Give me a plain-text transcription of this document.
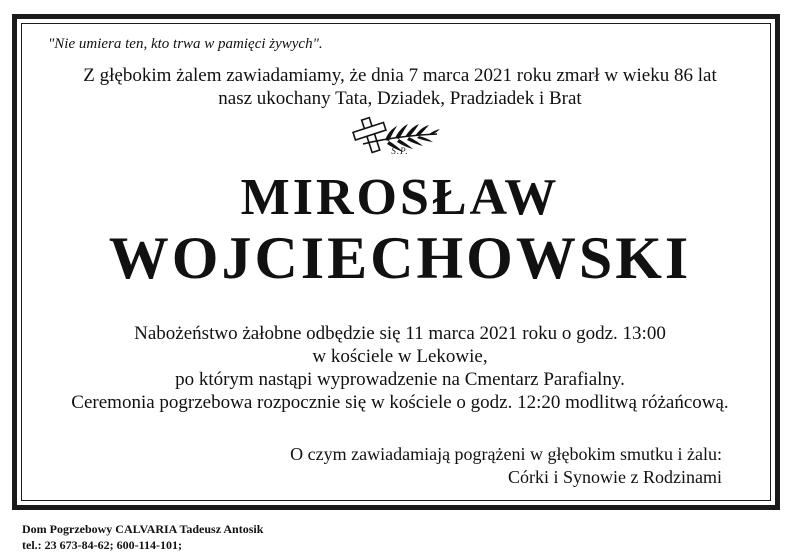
"Nie umiera ten, kto trwa w pamięci żywych".
Z głębokim żalem zawiadamiamy, że dnia 7 marca 2021 roku zmarł w wieku 86 lat
nasz ukochany Tata, Dziadek, Pradziadek i Brat
Ś.P.
MIROSŁAW
WOJCIECHOWSKI
Nabożeństwo żałobne odbędzie się 11 marca 2021 roku o godz. 13:00
w kościele w Lekowie,
po którym nastąpi wyprowadzenie na Cmentarz Parafialny.
Ceremonia pogrzebowa rozpocznie się w kościele o godz. 12:20 modlitwą różańcową.
O czym zawiadamiają pogrążeni w głębokim smutku i żalu:
Córki i Synowie z Rodzinami
Dom Pogrzebowy CALVARIA Tadeusz Antosik
tel.: 23 673-84-62; 600-114-101;
